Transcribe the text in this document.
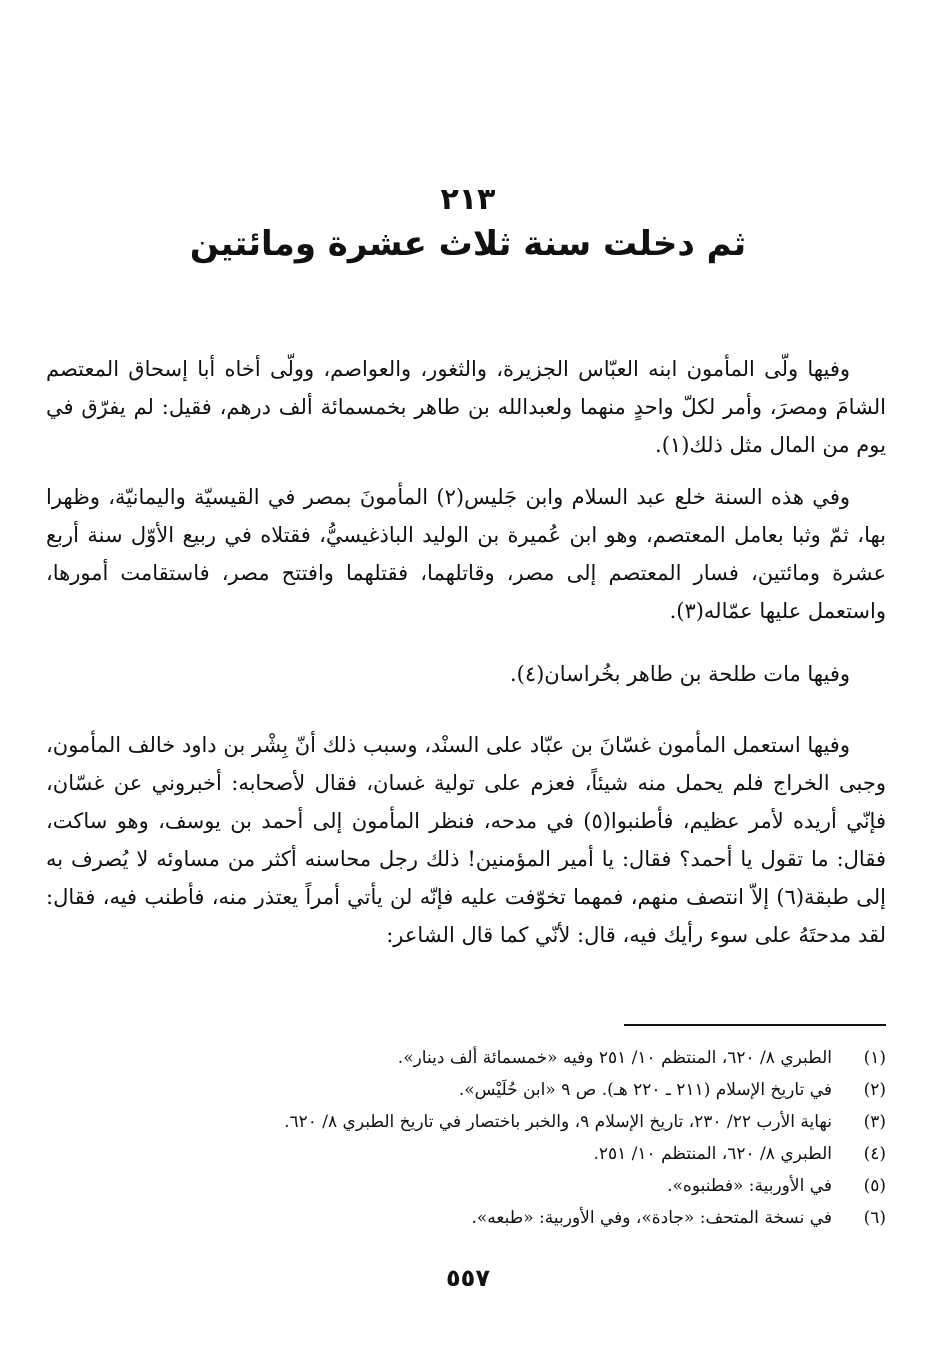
٢١٣
ثم دخلت سنة ثلاث عشرة ومائتين

وفيها ولّى المأمون ابنه العبّاس الجزيرة، والثغور، والعواصم، وولّى أخاه أبا إسحاق المعتصم الشامَ ومصرَ، وأمر لكلّ واحدٍ منهما ولعبدالله بن طاهر بخمسمائة ألف درهم، فقيل: لم يفرّق في يوم من المال مثل ذلك(١).

وفي هذه السنة خلع عبد السلام وابن جَليس(٢) المأمونَ بمصر في القيسيّة واليمانيّة، وظهرا بها، ثمّ وثبا بعامل المعتصم، وهو ابن عُميرة بن الوليد الباذغيسيُّ، فقتلاه في ربيع الأوّل سنة أربع عشرة ومائتين، فسار المعتصم إلى مصر، وقاتلهما، فقتلهما وافتتح مصر، فاستقامت أمورها، واستعمل عليها عمّاله(٣).

وفيها مات طلحة بن طاهر بخُراسان(٤).

وفيها استعمل المأمون غسّانَ بن عبّاد على السنْد، وسبب ذلك أنّ بِشْر بن داود خالف المأمون، وجبى الخراج فلم يحمل منه شيئاً، فعزم على تولية غسان، فقال لأصحابه: أخبروني عن غسّان، فإنّي أريده لأمر عظيم، فأطنبوا(٥) في مدحه، فنظر المأمون إلى أحمد بن يوسف، وهو ساكت، فقال: ما تقول يا أحمد؟ فقال: يا أمير المؤمنين! ذلك رجل محاسنه أكثر من مساوئه لا يُصرف به إلى طبقة(٦) إلاّ انتصف منهم، فمهما تخوّفت عليه فإنّه لن يأتي أمراً يعتذر منه، فأطنب فيه، فقال: لقد مدحتَهُ على سوء رأيك فيه، قال: لأنّي كما قال الشاعر:

(١)
الطبري ٨/ ٦٢٠، المنتظم ١٠/ ٢٥١ وفيه «خمسمائة ألف دينار».
(٢)
في تاريخ الإسلام (٢١١ ـ ٢٢٠ هـ). ص ٩ «ابن حُلَيْس».
(٣)
نهاية الأرب ٢٢/ ٢٣٠، تاريخ الإسلام ٩، والخبر باختصار في تاريخ الطبري ٨/ ٦٢٠.
(٤)
الطبري ٨/ ٦٢٠، المنتظم ١٠/ ٢٥١.
(٥)
في الأوربية: «فطنبوه».
(٦)
في نسخة المتحف: «جادة»، وفي الأوربية: «طبعه».
٥٥٧
